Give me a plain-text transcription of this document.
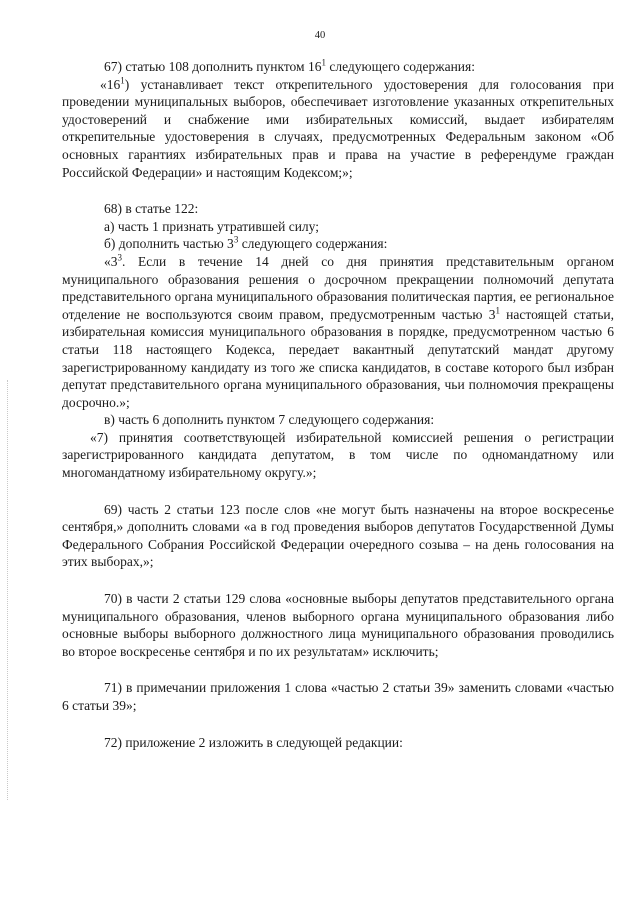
40

67) статью 108 дополнить пунктом $16^1$ следующего содержания:

«$16^1$) устанавливает текст открепительного удостоверения для голосования при проведении муниципальных выборов, обеспечивает изготовление указанных открепительных удостоверений и снабжение ими избирательных комиссий, выдает избирателям открепительные удостоверения в случаях, предусмотренных Федеральным законом «Об основных гарантиях избирательных прав и права на участие в референдуме граждан Российской Федерации» и настоящим Кодексом;»;

68) в статье 122:

а) часть 1 признать утратившей силу;

б) дополнить частью $3^3$ следующего содержания:

«$3^3$. Если в течение 14 дней со дня принятия представительным органом муниципального образования решения о досрочном прекращении полномочий депутата представительного органа муниципального образования политическая партия, ее региональное отделение не воспользуются своим правом, предусмотренным частью $3^1$ настоящей статьи, избирательная комиссия муниципального образования в порядке, предусмотренном частью 6 статьи 118 настоящего Кодекса, передает вакантный депутатский мандат другому зарегистрированному кандидату из того же списка кандидатов, в составе которого был избран депутат представительного органа муниципального образования, чьи полномочия прекращены досрочно.»;

в) часть 6 дополнить пунктом 7 следующего содержания:

«7) принятия соответствующей избирательной комиссией решения о регистрации зарегистрированного кандидата депутатом, в том числе по одномандатному или многомандатному избирательному округу.»;

69) часть 2 статьи 123 после слов «не могут быть назначены на второе воскресенье сентября,» дополнить словами «а в год проведения выборов депутатов Государственной Думы Федерального Собрания Российской Федерации очередного созыва – на день голосования на этих выборах,»;

70) в части 2 статьи 129 слова «основные выборы депутатов представительного органа муниципального образования, членов выборного органа муниципального образования либо основные выборы выборного должностного лица муниципального образования проводились во второе воскресенье сентября и по их результатам» исключить;

71) в примечании приложения 1 слова «частью 2 статьи 39» заменить словами «частью 6 статьи 39»;

72) приложение 2 изложить в следующей редакции:
